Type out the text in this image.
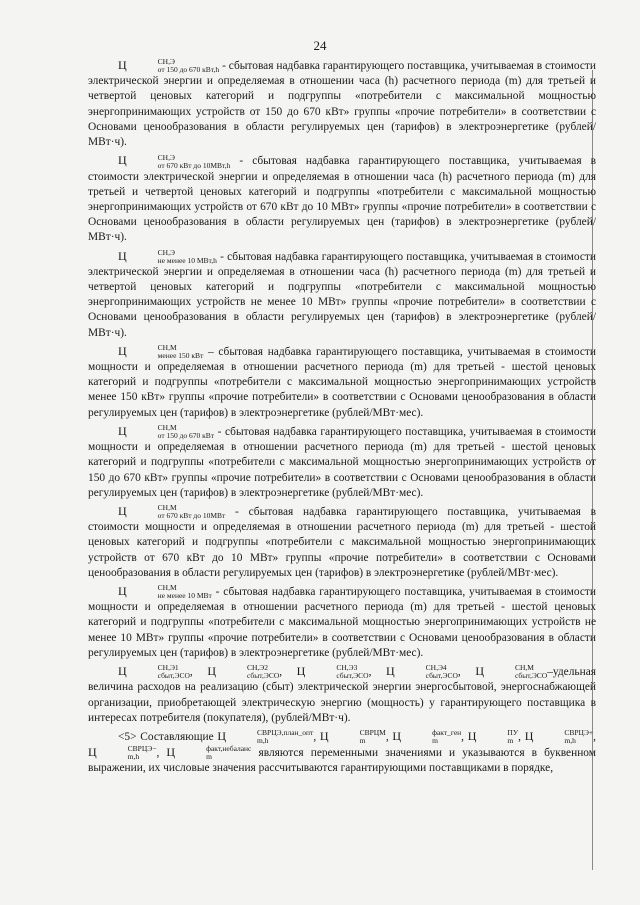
24

Ц	СН,Э
от 150 до 670 кВт,h - сбытовая надбавка гарантирующего поставщика, учитываемая в стоимости электрической энергии и определяемая в отношении часа (h) расчетного периода (m) для третьей и четвертой ценовых категорий и подгруппы «потребители с максимальной мощностью энергопринимающих устройств от 150 до 670 кВт» группы «прочие потребители» в соответствии с Основами ценообразования в области регулируемых цен (тарифов) в электроэнергетике (рублей/МВт·ч).

Ц	СН,Э
от 670 кВт до 10МВт,h - сбытовая надбавка гарантирующего поставщика, учитываемая в стоимости электрической энергии и определяемая в отношении часа (h) расчетного периода (m) для третьей и четвертой ценовых категорий и подгруппы «потребители с максимальной мощностью энергопринимающих устройств от 670 кВт до 10 МВт» группы «прочие потребители» в соответствии с Основами ценообразования в области регулируемых цен (тарифов) в электроэнергетике (рублей/МВт·ч).

Ц	СН,Э
не менее 10 МВт,h - сбытовая надбавка гарантирующего поставщика, учитываемая в стоимости электрической энергии и определяемая в отношении часа (h) расчетного периода (m) для третьей и четвертой ценовых категорий и подгруппы «потребители с максимальной мощностью энергопринимающих устройств не менее 10 МВт» группы «прочие потребители» в соответствии с Основами ценообразования в области регулируемых цен (тарифов) в электроэнергетике (рублей/МВт·ч).

Ц	СН,М
менее 150 кВт – сбытовая надбавка гарантирующего поставщика, учитываемая в стоимости мощности и определяемая в отношении расчетного периода (m) для третьей - шестой ценовых категорий и подгруппы «потребители с максимальной мощностью энергопринимающих устройств менее 150 кВт» группы «прочие потребители» в соответствии с Основами ценообразования в области регулируемых цен (тарифов) в электроэнергетике (рублей/МВт·мес).

Ц	СН,М
от 150 до 670 кВт - сбытовая надбавка гарантирующего поставщика, учитываемая в стоимости мощности и определяемая в отношении расчетного периода (m) для третьей - шестой ценовых категорий и подгруппы «потребители с максимальной мощностью энергопринимающих устройств от 150 до 670 кВт» группы «прочие потребители» в соответствии с Основами ценообразования в области регулируемых цен (тарифов) в электроэнергетике (рублей/МВт·мес).

Ц	СН,М
от 670 кВт до 10МВт - сбытовая надбавка гарантирующего поставщика, учитываемая в стоимости мощности и определяемая в отношении расчетного периода (m) для третьей - шестой ценовых категорий и подгруппы «потребители с максимальной мощностью энергопринимающих устройств от 670 кВт до 10 МВт» группы «прочие потребители» в соответствии с Основами ценообразования в области регулируемых цен (тарифов) в электроэнергетике (рублей/МВт·мес).

Ц	СН,М
не менее 10 МВт - сбытовая надбавка гарантирующего поставщика, учитываемая в стоимости мощности и определяемая в отношении расчетного периода (m) для третьей - шестой ценовых категорий и подгруппы «потребители с максимальной мощностью энергопринимающих устройств не менее 10 МВт» группы «прочие потребители» в соответствии с Основами ценообразования в области регулируемых цен (тарифов) в электроэнергетике (рублей/МВт·мес).

Ц	СН,Э1
сбыт,ЭСО , Ц	СН,Э2
сбыт,ЭСО , Ц	СН,Э3
сбыт,ЭСО , Ц	СН,Э4
сбыт,ЭСО , Ц	СН,М
сбыт,ЭСО –удельная величина расходов на реализацию (сбыт) электрической энергии энергосбытовой, энергоснабжающей организации, приобретающей электрическую энергию (мощность) у гарантирующего поставщика в интересах потребителя (покупателя), (рублей/МВт·ч).

<5> Составляющие Ц	СВРЦЭ,план_опт
m,h	, Ц	СВРЦМ
m	, Ц	факт_ген
m	, Ц	ПУ
m , Ц	СВРЦЭ+
m,h	, Ц	СВРЦЭ−
m,h	, Ц	факт,небаланс
m	являются переменными значениями и указываются в буквенном выражении, их числовые значения рассчитываются гарантирующими поставщиками в порядке,
